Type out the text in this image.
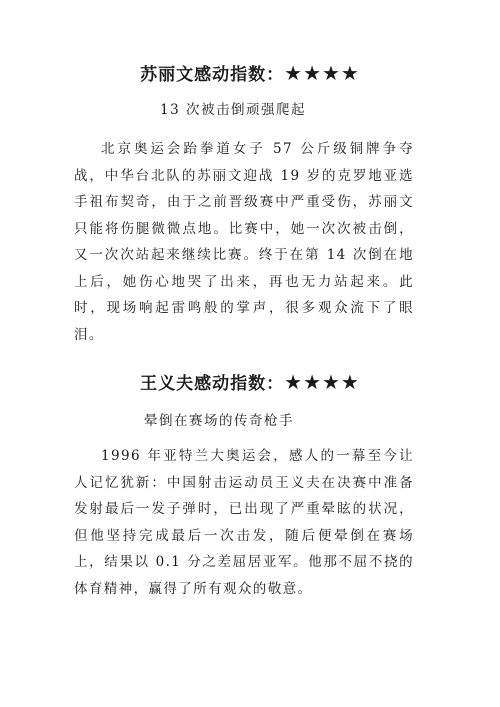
苏丽文感动指数：★★★★
13 次被击倒顽强爬起

北京奥运会跆拳道女子 57 公斤级铜牌争夺战，中华台北队的苏丽文迎战 19 岁的克罗地亚选手祖布契奇，由于之前晋级赛中严重受伤，苏丽文只能将伤腿微微点地。比赛中，她一次次被击倒，又一次次站起来继续比赛。终于在第 14 次倒在地上后，她伤心地哭了出来，再也无力站起来。此时，现场响起雷鸣般的掌声，很多观众流下了眼泪。

王义夫感动指数：★★★★
晕倒在赛场的传奇枪手

1996 年亚特兰大奥运会，感人的一幕至今让人记忆犹新：中国射击运动员王义夫在决赛中准备发射最后一发子弹时，已出现了严重晕眩的状况，但他坚持完成最后一次击发，随后便晕倒在赛场上，结果以 0.1 分之差屈居亚军。他那不屈不挠的体育精神，赢得了所有观众的敬意。
